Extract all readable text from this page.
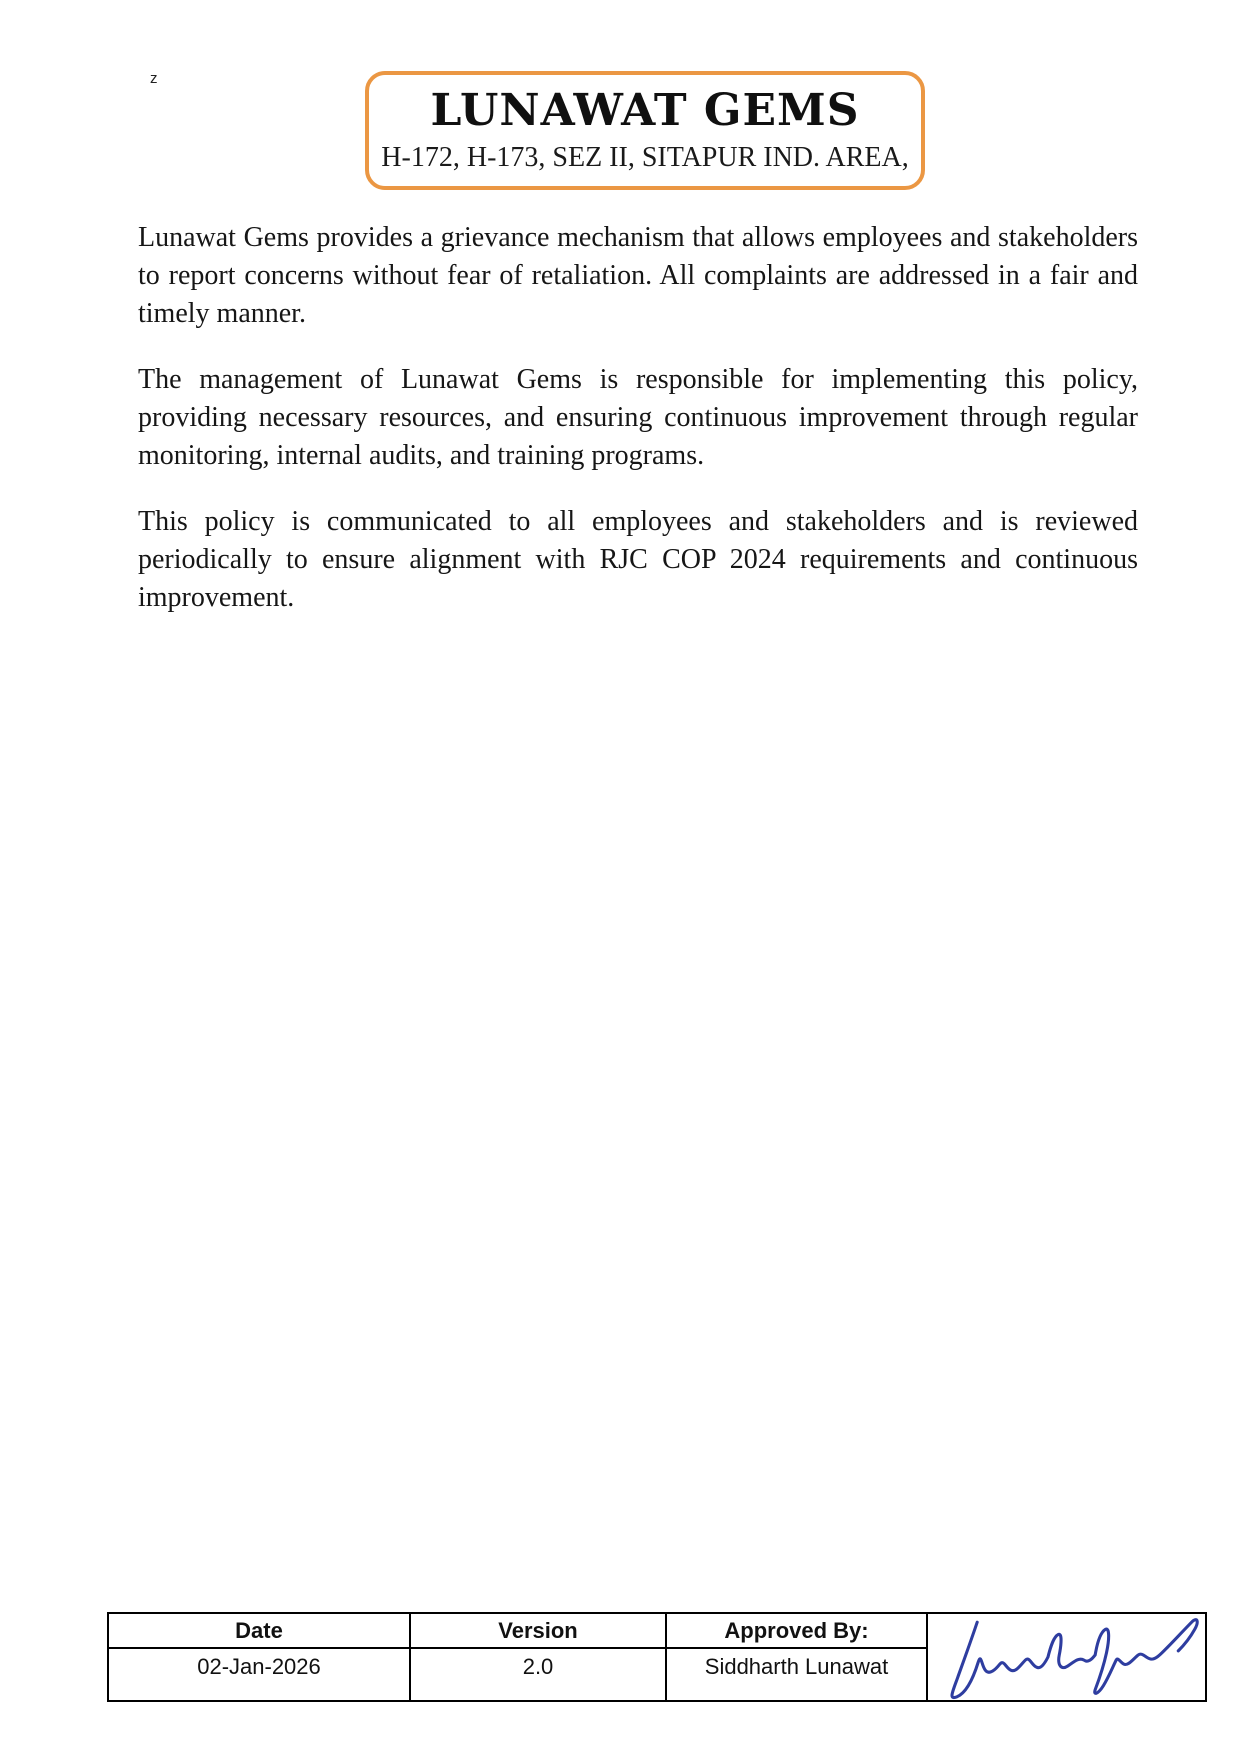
z
LUNAWAT GEMS
H-172, H-173, SEZ II, SITAPUR IND. AREA,

Lunawat Gems provides a grievance mechanism that allows employees and stakeholders to report concerns without fear of retaliation. All complaints are addressed in a fair and timely manner.

The management of Lunawat Gems is responsible for implementing this policy, providing necessary resources, and ensuring continuous improvement through regular monitoring, internal audits, and training programs.

This policy is communicated to all employees and stakeholders and is reviewed periodically to ensure alignment with RJC COP 2024 requirements and continuous improvement.

Date	Version	Approved By:	

02-Jan-2026	2.0	Siddharth Lunawat	
